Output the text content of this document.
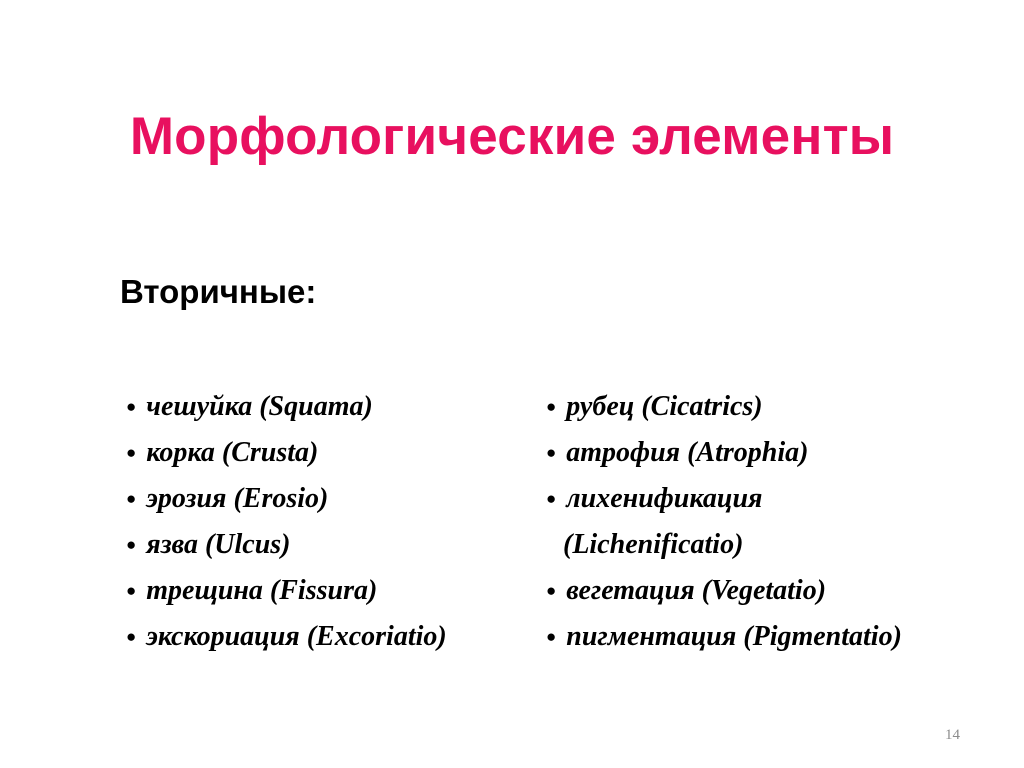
Морфологические элементы
Вторичные:
● чешуйка (Squama)
● корка (Crusta)
● эрозия (Erosio)
● язва (Ulcus)
● трещина (Fissura)
● экскориация (Excoriatio)
● рубец (Cicatrics)
● атрофия (Atrophia)
● лихенификация
(Lichenificatio)
● вегетация (Vegetatio)
● пигментация (Pigmentatio)
14
